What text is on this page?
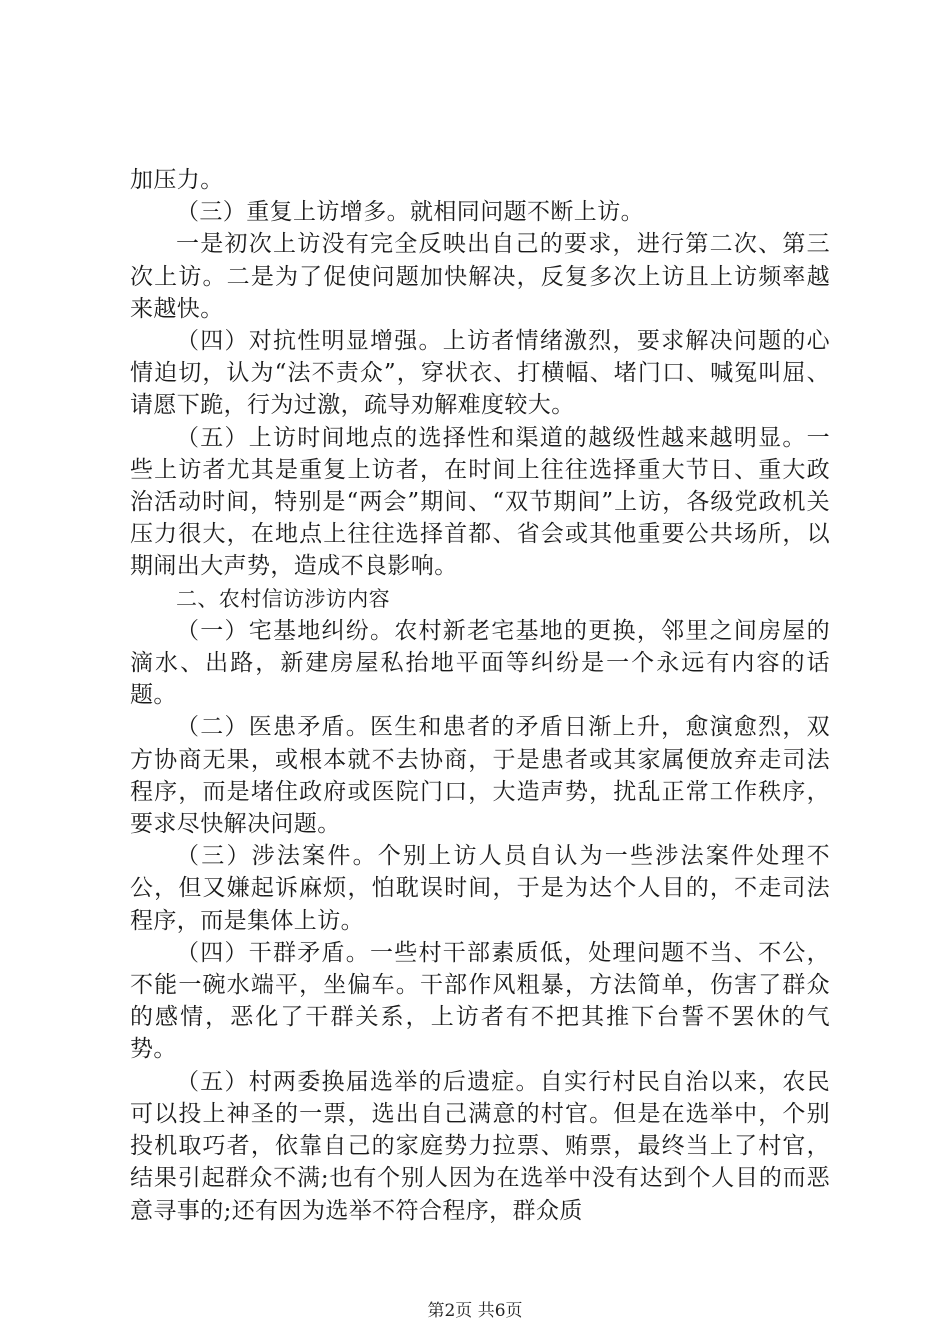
加压力。

（三）重复上访增多。就相同问题不断上访。

一是初次上访没有完全反映出自己的要求，进行第二次、第三次上访。二是为了促使问题加快解决，反复多次上访且上访频率越来越快。

（四）对抗性明显增强。上访者情绪激烈，要求解决问题的心情迫切，认为“法不责众”，穿状衣、打横幅、堵门口、喊冤叫屈、请愿下跪，行为过激，疏导劝解难度较大。

（五）上访时间地点的选择性和渠道的越级性越来越明显。一些上访者尤其是重复上访者，在时间上往往选择重大节日、重大政治活动时间，特别是“两会”期间、“双节期间”上访，各级党政机关压力很大，在地点上往往选择首都、省会或其他重要公共场所，以期闹出大声势，造成不良影响。

二、农村信访涉访内容

（一）宅基地纠纷。农村新老宅基地的更换，邻里之间房屋的滴水、出路，新建房屋私抬地平面等纠纷是一个永远有内容的话题。

（二）医患矛盾。医生和患者的矛盾日渐上升，愈演愈烈，双方协商无果，或根本就不去协商，于是患者或其家属便放弃走司法程序，而是堵住政府或医院门口，大造声势，扰乱正常工作秩序，要求尽快解决问题。

（三）涉法案件。个别上访人员自认为一些涉法案件处理不公，但又嫌起诉麻烦，怕耽误时间，于是为达个人目的，不走司法程序，而是集体上访。

（四）干群矛盾。一些村干部素质低，处理问题不当、不公，不能一碗水端平，坐偏车。干部作风粗暴，方法简单，伤害了群众的感情，恶化了干群关系，上访者有不把其推下台誓不罢休的气势。

（五）村两委换届选举的后遗症。自实行村民自治以来，农民可以投上神圣的一票，选出自己满意的村官。但是在选举中，个别投机取巧者，依靠自己的家庭势力拉票、贿票，最终当上了村官，结果引起群众不满;也有个别人因为在选举中没有达到个人目的而恶意寻事的;还有因为选举不符合程序，群众质

第2页 共6页
